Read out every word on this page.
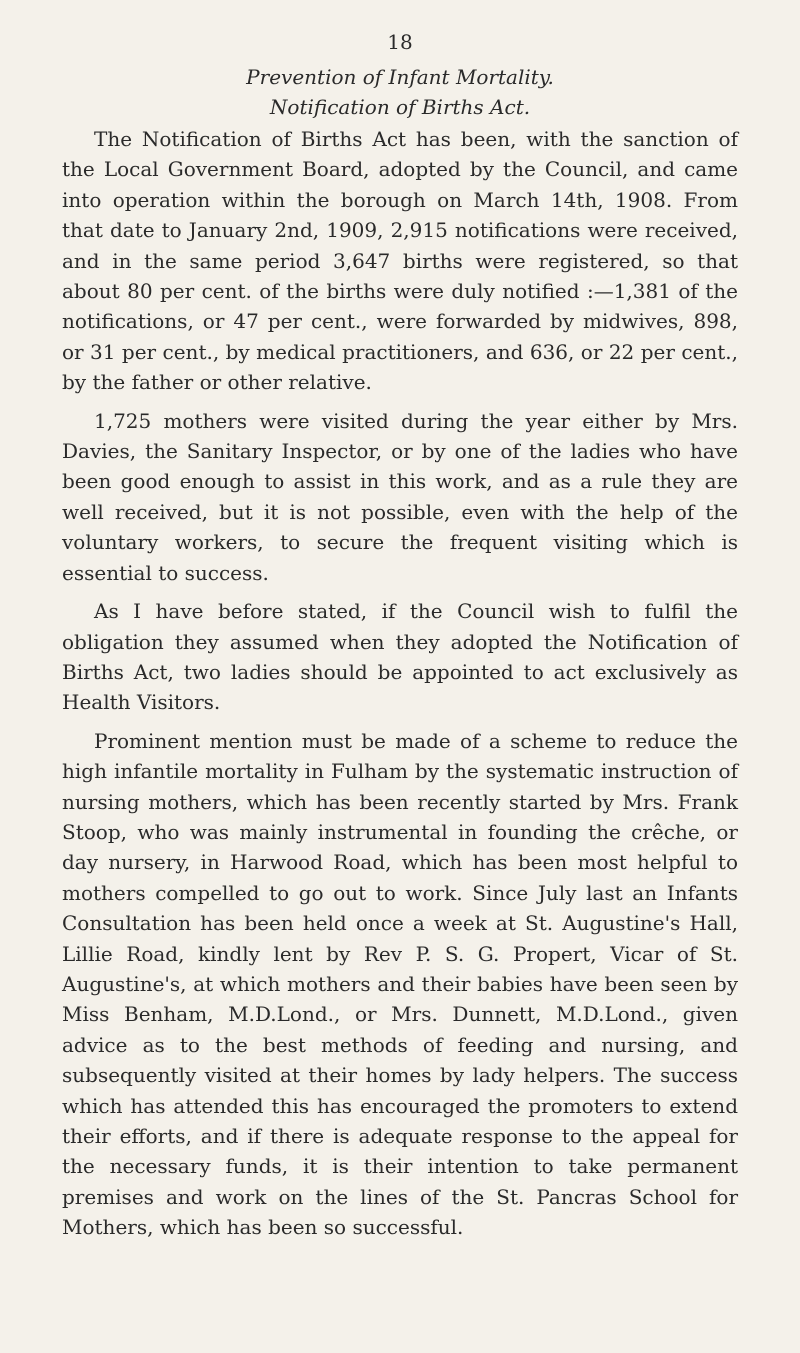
18
Prevention of Infant Mortality.
Notification of Births Act.

The Notification of Births Act has been, with the sanction of the Local Government Board, adopted by the Council, and came into operation within the borough on March 14th, 1908. From that date to January 2nd, 1909, 2,915 notifications were received, and in the same period 3,647 births were registered, so that about 80 per cent. of the births were duly notified :—1,381 of the notifications, or 47 per cent., were forwarded by midwives, 898, or 31 per cent., by medical practitioners, and 636, or 22 per cent., by the father or other relative.

1,725 mothers were visited during the year either by Mrs. Davies, the Sanitary Inspector, or by one of the ladies who have been good enough to assist in this work, and as a rule they are well received, but it is not possible, even with the help of the voluntary workers, to secure the frequent visiting which is essential to success.

As I have before stated, if the Council wish to fulfil the obligation they assumed when they adopted the Notification of Births Act, two ladies should be appointed to act exclusively as Health Visitors.

Prominent mention must be made of a scheme to reduce the high infantile mortality in Fulham by the systematic instruction of nursing mothers, which has been recently started by Mrs. Frank Stoop, who was mainly instrumental in founding the crêche, or day nursery, in Harwood Road, which has been most helpful to mothers compelled to go out to work. Since July last an Infants Consultation has been held once a week at St. Augustine's Hall, Lillie Road, kindly lent by Rev P. S. G. Propert, Vicar of St. Augustine's, at which mothers and their babies have been seen by Miss Benham, M.D.Lond., or Mrs. Dunnett, M.D.Lond., given advice as to the best methods of feeding and nursing, and subsequently visited at their homes by lady helpers. The success which has attended this has encouraged the promoters to extend their efforts, and if there is adequate response to the appeal for the necessary funds, it is their intention to take permanent premises and work on the lines of the St. Pancras School for Mothers, which has been so successful.
